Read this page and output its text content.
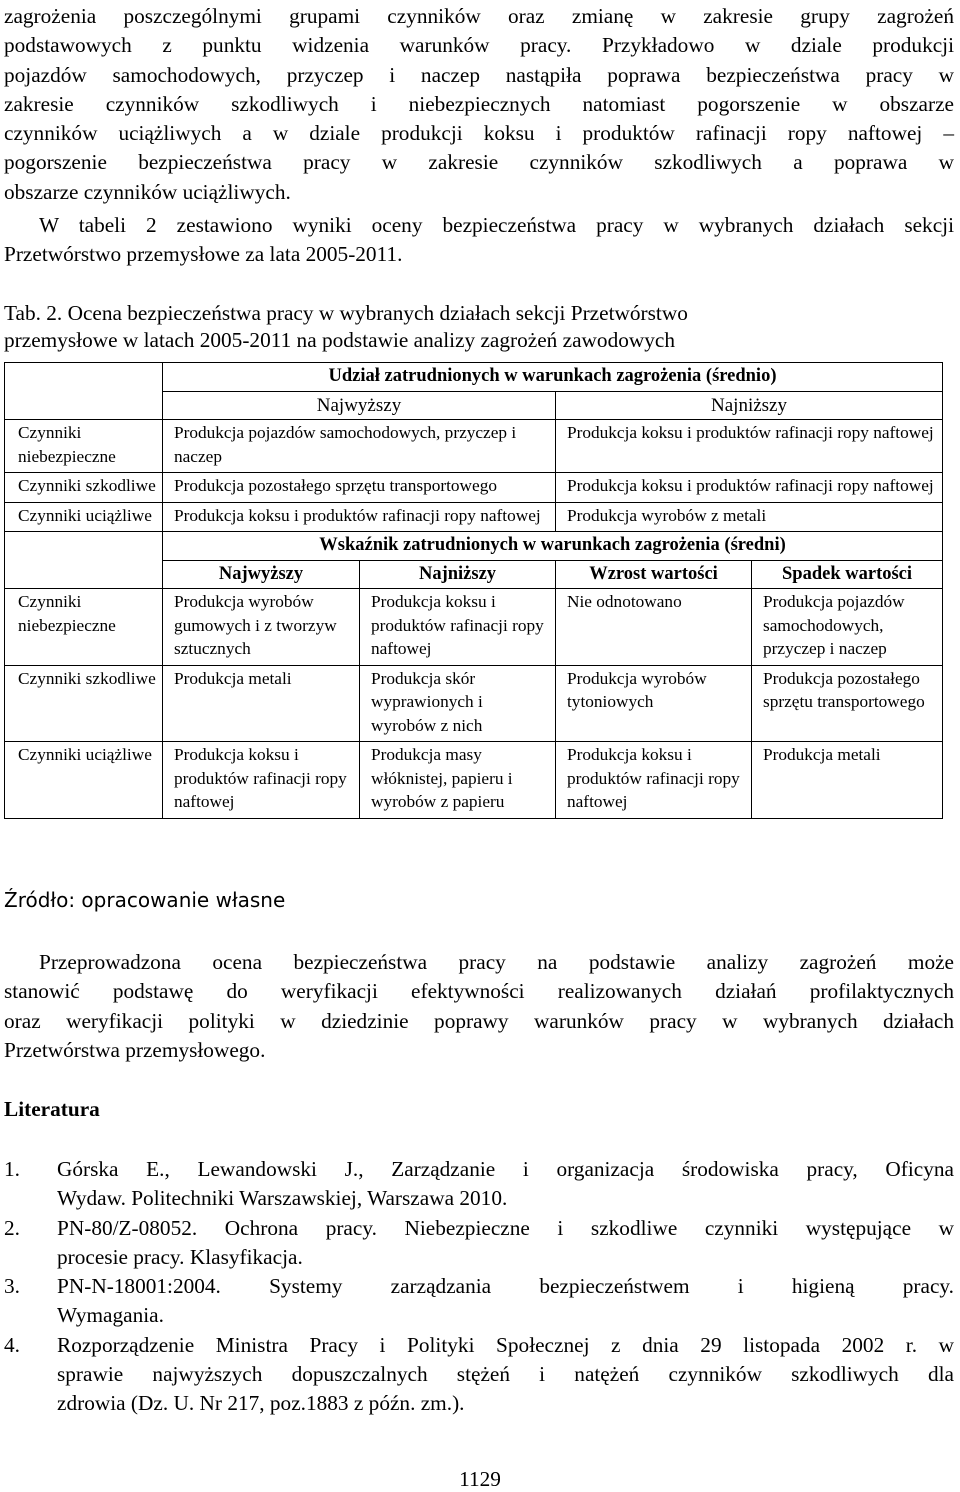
zagrożenia poszczególnymi grupami czynników oraz zmianę w zakresie grupy zagrożeń
podstawowych z punktu widzenia warunków pracy. Przykładowo w dziale produkcji
pojazdów samochodowych, przyczep i naczep nastąpiła poprawa bezpieczeństwa pracy w
zakresie czynników szkodliwych i niebezpiecznych natomiast pogorszenie w obszarze
czynników uciążliwych a w dziale produkcji koksu i produktów rafinacji ropy naftowej –
pogorszenie bezpieczeństwa pracy w zakresie czynników szkodliwych a poprawa w
obszarze czynników uciążliwych.

W tabeli 2 zestawiono wyniki oceny bezpieczeństwa pracy w wybranych działach sekcji
Przetwórstwo przemysłowe za lata 2005-2011.

Tab. 2. Ocena bezpieczeństwa pracy w wybranych działach sekcji Przetwórstwo
przemysłowe w latach 2005-2011 na podstawie analizy zagrożeń zawodowych

	Udział zatrudnionych w warunkach zagrożenia (średnio)			
	Najwyższy		Najniższy	
Czynniki niebezpieczne	Produkcja pojazdów samochodowych, przyczep i naczep		Produkcja koksu i produktów rafinacji ropy naftowej	
Czynniki szkodliwe	Produkcja pozostałego sprzętu transportowego		Produkcja koksu i produktów rafinacji ropy naftowej	
Czynniki uciążliwe	Produkcja koksu i produktów rafinacji ropy naftowej		Produkcja wyrobów z metali	
	Wskaźnik zatrudnionych w warunkach zagrożenia (średni)			
	Najwyższy	Najniższy	Wzrost wartości	Spadek wartości
Czynniki niebezpieczne	Produkcja wyrobów gumowych i z tworzyw sztucznych	Produkcja koksu i produktów rafinacji ropy naftowej	Nie odnotowano	Produkcja pojazdów samochodowych, przyczep i naczep
Czynniki szkodliwe	Produkcja metali	Produkcja skór wyprawionych i wyrobów z nich	Produkcja wyrobów tytoniowych	Produkcja pozostałego sprzętu transportowego
Czynniki uciążliwe	Produkcja koksu i produktów rafinacji ropy naftowej	Produkcja masy włóknistej, papieru i wyrobów z papieru	Produkcja koksu i produktów rafinacji ropy naftowej	Produkcja metali
Źródło: opracowanie własne

Przeprowadzona ocena bezpieczeństwa pracy na podstawie analizy zagrożeń może
stanowić podstawę do weryfikacji efektywności realizowanych działań profilaktycznych
oraz weryfikacji polityki w dziedzinie poprawy warunków pracy w wybranych działach
Przetwórstwa przemysłowego.

Literatura
1. Górska E., Lewandowski J., Zarządzanie i organizacja środowiska pracy, Oficyna
Wydaw. Politechniki Warszawskiej, Warszawa 2010.
2. PN-80/Z-08052. Ochrona pracy. Niebezpieczne i szkodliwe czynniki występujące w
procesie pracy. Klasyfikacja.
3. PN-N-18001:2004. Systemy zarządzania bezpieczeństwem i higieną pracy.
Wymagania.
4. Rozporządzenie Ministra Pracy i Polityki Społecznej z dnia 29 listopada 2002 r. w
sprawie najwyższych dopuszczalnych stężeń i natężeń czynników szkodliwych dla
zdrowia (Dz. U. Nr 217, poz.1883 z późn. zm.).
1129
